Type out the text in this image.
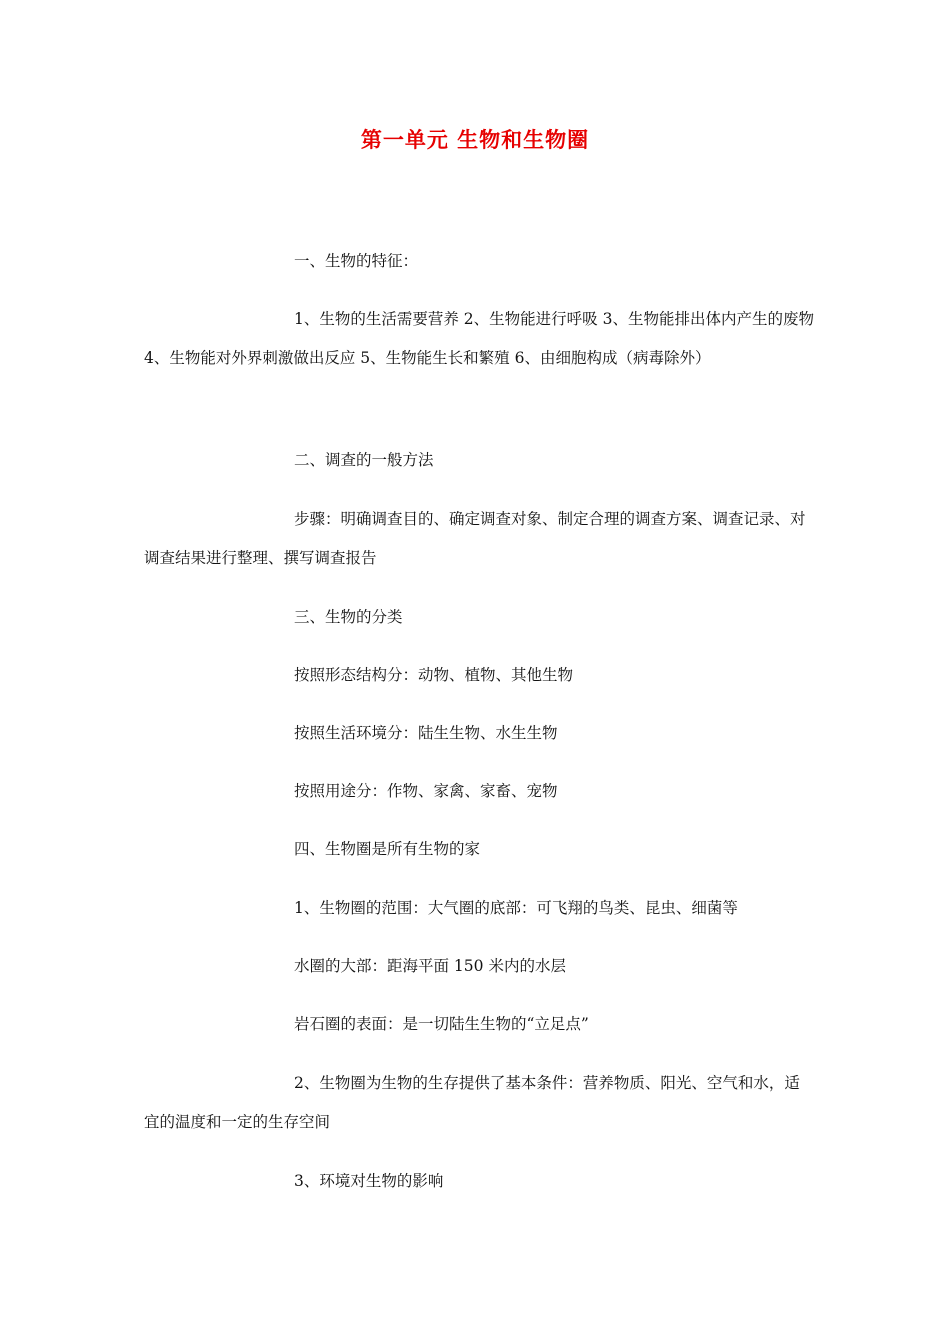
第一单元 生物和生物圈
一、生物的特征：
1、生物的生活需要营养 2、生物能进行呼吸 3、生物能排出体内产生的废物 4、生物能对外界刺激做出反应 5、生物能生长和繁殖 6、由细胞构成（病毒除外）
二、调查的一般方法
步骤：明确调查目的、确定调查对象、制定合理的调查方案、调查记录、对调查结果进行整理、撰写调查报告
三、生物的分类
按照形态结构分：动物、植物、其他生物
按照生活环境分：陆生生物、水生生物
按照用途分：作物、家禽、家畜、宠物
四、生物圈是所有生物的家
1、生物圈的范围：大气圈的底部：可飞翔的鸟类、昆虫、细菌等
水圈的大部：距海平面 150 米内的水层
岩石圈的表面：是一切陆生生物的“立足点”
2、生物圈为生物的生存提供了基本条件：营养物质、阳光、空气和水，适宜的温度和一定的生存空间
3、环境对生物的影响
